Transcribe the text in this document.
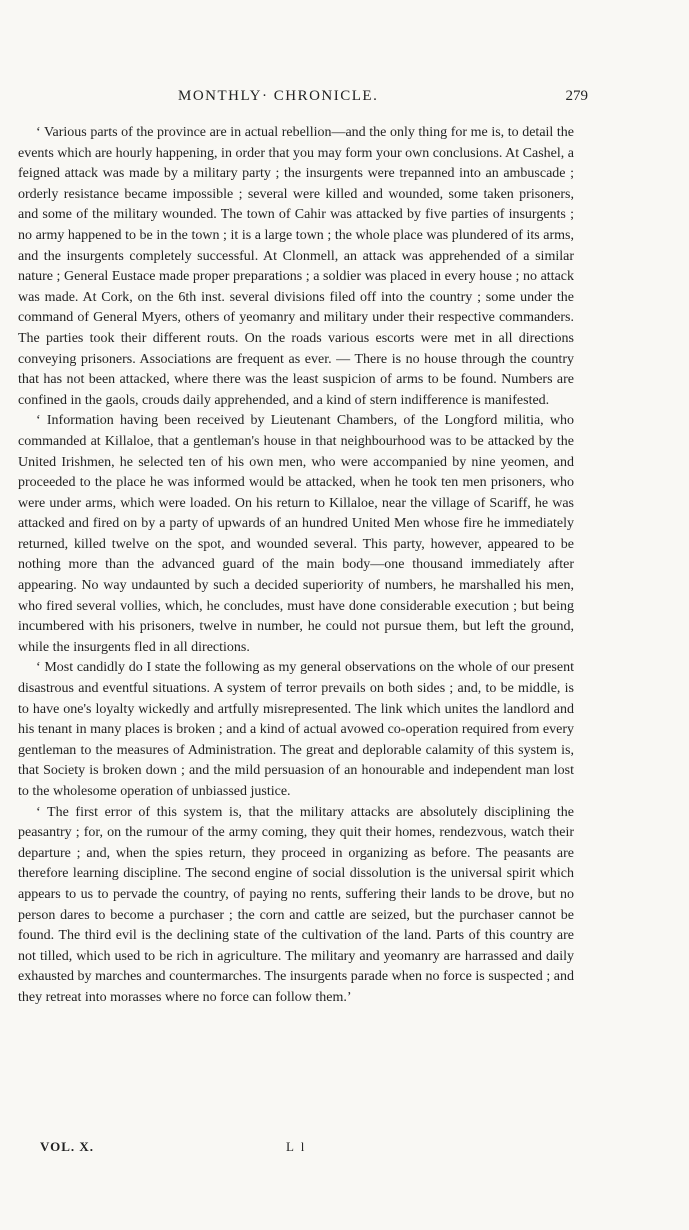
MONTHLY· CHRONICLE.	279

‘ Various parts of the province are in actual rebellion—and the only thing for me is, to detail the events which are hourly happening, in order that you may form your own conclusions. At Cashel, a feigned attack was made by a military party ; the insurgents were trepanned into an ambuscade ; orderly resistance became impossible ; several were killed and wounded, some taken prisoners, and some of the military wounded. The town of Cahir was attacked by five parties of insurgents ; no army happened to be in the town ; it is a large town ; the whole place was plundered of its arms, and the insurgents completely successful. At Clonmell, an attack was apprehended of a similar nature ; General Eustace made proper preparations ; a soldier was placed in every house ; no attack was made. At Cork, on the 6th inst. several divisions filed off into the country ; some under the command of General Myers, others of yeomanry and military under their respective commanders. The parties took their different routs. On the roads various escorts were met in all directions conveying prisoners. Associations are frequent as ever. — There is no house through the country that has not been attacked, where there was the least suspicion of arms to be found. Numbers are confined in the gaols, crouds daily apprehended, and a kind of stern indifference is manifested.

‘ Information having been received by Lieutenant Chambers, of the Longford militia, who commanded at Killaloe, that a gentleman's house in that neighbourhood was to be attacked by the United Irishmen, he selected ten of his own men, who were accompanied by nine yeomen, and proceeded to the place he was informed would be attacked, when he took ten men prisoners, who were under arms, which were loaded. On his return to Killaloe, near the village of Scariff, he was attacked and fired on by a party of upwards of an hundred United Men whose fire he immediately returned, killed twelve on the spot, and wounded several. This party, however, appeared to be nothing more than the advanced guard of the main body—one thousand immediately after appearing. No way undaunted by such a decided superiority of numbers, he marshalled his men, who fired several vollies, which, he concludes, must have done considerable execution ; but being incumbered with his prisoners, twelve in number, he could not pursue them, but left the ground, while the insurgents fled in all directions.

‘ Most candidly do I state the following as my general observations on the whole of our present disastrous and eventful situations. A system of terror prevails on both sides ; and, to be middle, is to have one's loyalty wickedly and artfully misrepresented. The link which unites the landlord and his tenant in many places is broken ; and a kind of actual avowed co-operation required from every gentleman to the measures of Administration. The great and deplorable calamity of this system is, that Society is broken down ; and the mild persuasion of an honourable and independent man lost to the wholesome operation of unbiassed justice.

‘ The first error of this system is, that the military attacks are absolutely disciplining the peasantry ; for, on the rumour of the army coming, they quit their homes, rendezvous, watch their departure ; and, when the spies return, they proceed in organizing as before. The peasants are therefore learning discipline. The second engine of social dissolution is the universal spirit which appears to us to pervade the country, of paying no rents, suffering their lands to be drove, but no person dares to become a purchaser ; the corn and cattle are seized, but the purchaser cannot be found. The third evil is the declining state of the cultivation of the land. Parts of this country are not tilled, which used to be rich in agriculture. The military and yeomanry are harrassed and daily exhausted by marches and countermarches. The insurgents parade when no force is suspected ; and they retreat into morasses where no force can follow them.’

VOL. X.	L l
